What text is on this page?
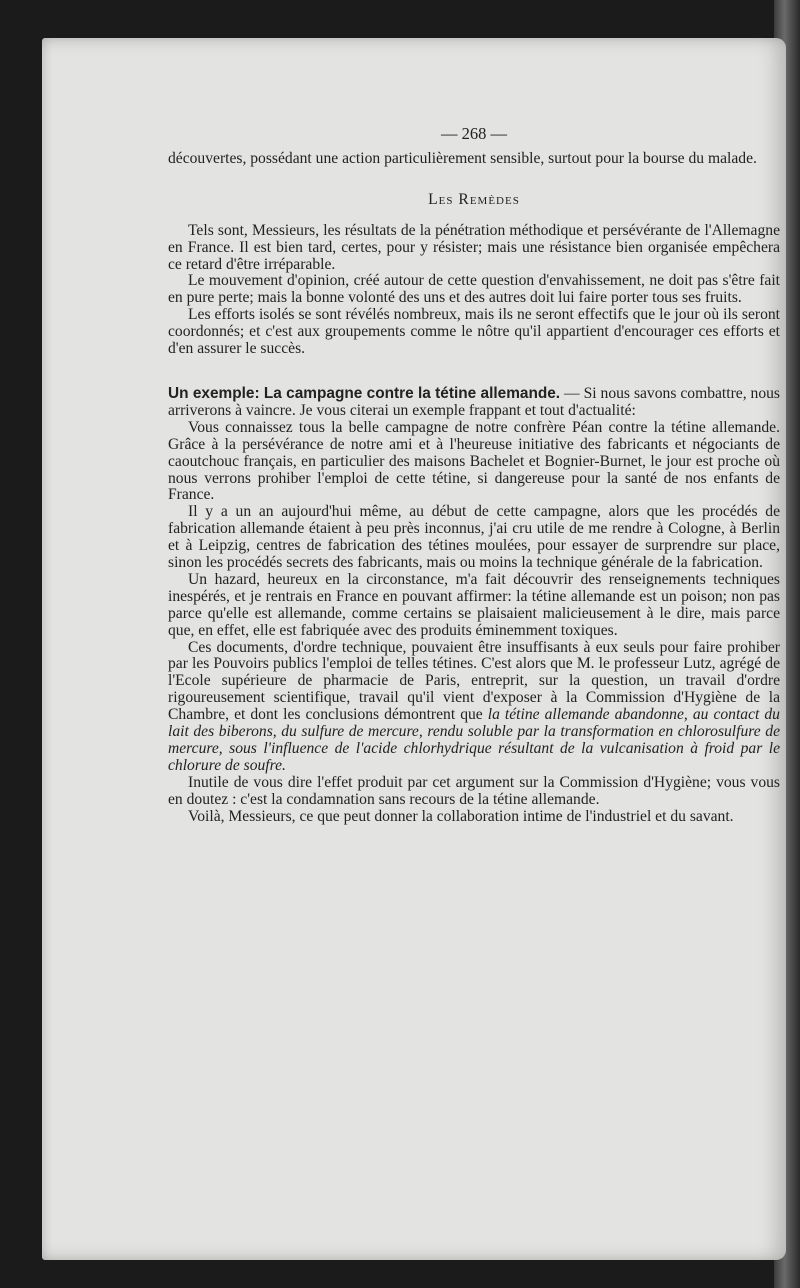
— 268 —

découvertes, possédant une action particulièrement sensible, surtout pour la bourse du malade.

Les Remèdes

Tels sont, Messieurs, les résultats de la pénétration méthodique et persévérante de l'Allemagne en France. Il est bien tard, certes, pour y résister; mais une résistance bien organisée empêchera ce retard d'être irréparable.

Le mouvement d'opinion, créé autour de cette question d'envahissement, ne doit pas s'être fait en pure perte; mais la bonne volonté des uns et des autres doit lui faire porter tous ses fruits.

Les efforts isolés se sont révélés nombreux, mais ils ne seront effectifs que le jour où ils seront coordonnés; et c'est aux groupements comme le nôtre qu'il appartient d'encourager ces efforts et d'en assurer le succès.

Un exemple: La campagne contre la tétine allemande. — Si nous savons combattre, nous arriverons à vaincre. Je vous citerai un exemple frappant et tout d'actualité:

Vous connaissez tous la belle campagne de notre confrère Péan contre la tétine allemande. Grâce à la persévérance de notre ami et à l'heureuse initiative des fabricants et négociants de caoutchouc français, en particulier des maisons Bachelet et Bognier-Burnet, le jour est proche où nous verrons prohiber l'emploi de cette tétine, si dangereuse pour la santé de nos enfants de France.

Il y a un an aujourd'hui même, au début de cette campagne, alors que les procédés de fabrication allemande étaient à peu près inconnus, j'ai cru utile de me rendre à Cologne, à Berlin et à Leipzig, centres de fabrication des tétines moulées, pour essayer de surprendre sur place, sinon les procédés secrets des fabricants, mais ou moins la technique générale de la fabrication.

Un hazard, heureux en la circonstance, m'a fait découvrir des renseignements techniques inespérés, et je rentrais en France en pouvant affirmer: la tétine allemande est un poison; non pas parce qu'elle est allemande, comme certains se plaisaient malicieusement à le dire, mais parce que, en effet, elle est fabriquée avec des produits éminemment toxiques.

Ces documents, d'ordre technique, pouvaient être insuffisants à eux seuls pour faire prohiber par les Pouvoirs publics l'emploi de telles tétines. C'est alors que M. le professeur Lutz, agrégé de l'Ecole supérieure de pharmacie de Paris, entreprit, sur la question, un travail d'ordre rigoureusement scientifique, travail qu'il vient d'exposer à la Commission d'Hygiène de la Chambre, et dont les conclusions démontrent que la tétine allemande abandonne, au contact du lait des biberons, du sulfure de mercure, rendu soluble par la transformation en chlorosulfure de mercure, sous l'influence de l'acide chlorhydrique résultant de la vulcanisation à froid par le chlorure de soufre.

Inutile de vous dire l'effet produit par cet argument sur la Commission d'Hygiène; vous vous en doutez : c'est la condamnation sans recours de la tétine allemande.

Voilà, Messieurs, ce que peut donner la collaboration intime de l'industriel et du savant.
